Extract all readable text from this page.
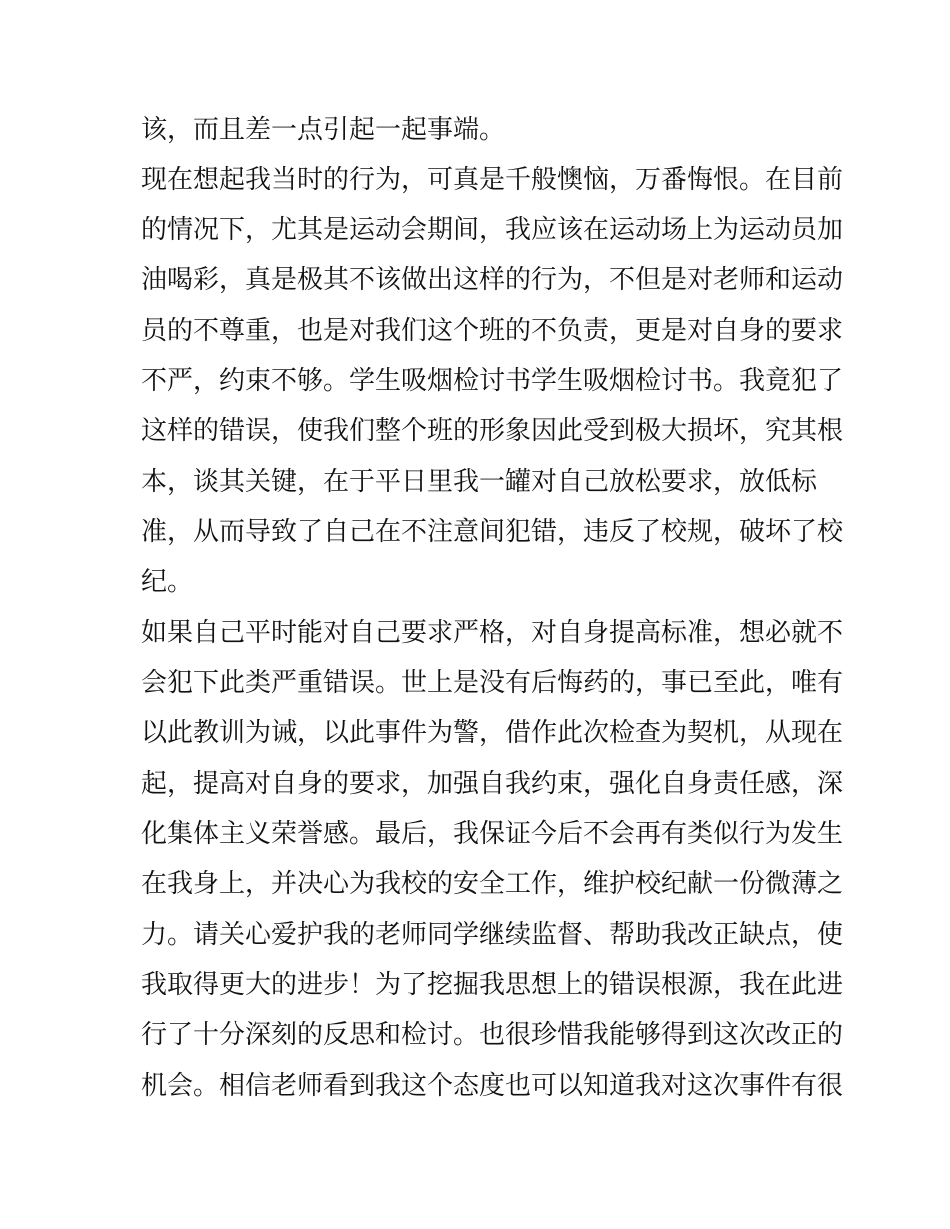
该，而且差一点引起一起事端。
现在想起我当时的行为，可真是千般懊恼，万番悔恨。在目前
的情况下，尤其是运动会期间，我应该在运动场上为运动员加
油喝彩，真是极其不该做出这样的行为，不但是对老师和运动
员的不尊重，也是对我们这个班的不负责，更是对自身的要求
不严，约束不够。学生吸烟检讨书学生吸烟检讨书。我竟犯了
这样的错误，使我们整个班的形象因此受到极大损坏，究其根
本，谈其关键，在于平日里我一罐对自己放松要求，放低标
准，从而导致了自己在不注意间犯错，违反了校规，破坏了校
纪。
如果自己平时能对自己要求严格，对自身提高标准，想必就不
会犯下此类严重错误。世上是没有后悔药的，事已至此，唯有
以此教训为诫，以此事件为警，借作此次检查为契机，从现在
起，提高对自身的要求，加强自我约束，强化自身责任感，深
化集体主义荣誉感。最后，我保证今后不会再有类似行为发生
在我身上，并决心为我校的安全工作，维护校纪献一份微薄之
力。请关心爱护我的老师同学继续监督、帮助我改正缺点，使
我取得更大的进步！为了挖掘我思想上的错误根源，我在此进
行了十分深刻的反思和检讨。也很珍惜我能够得到这次改正的
机会。相信老师看到我这个态度也可以知道我对这次事件有很
